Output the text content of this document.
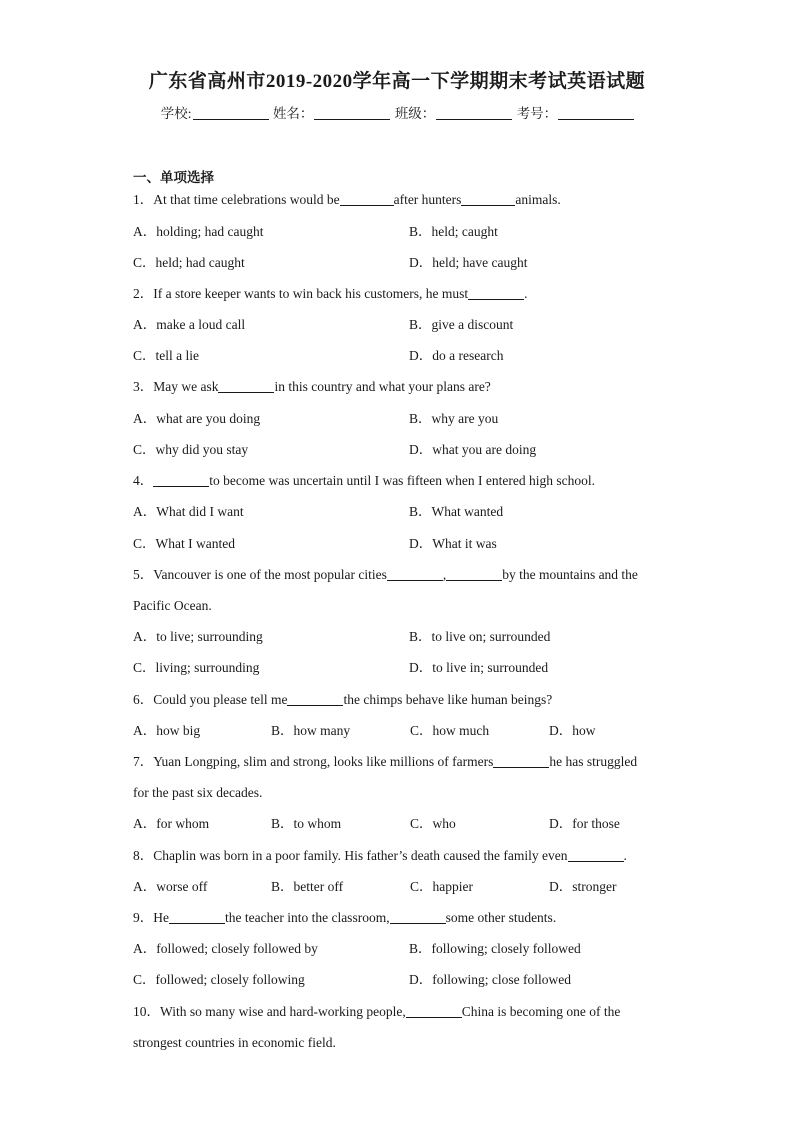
广东省高州市2019-2020学年高一下学期期末考试英语试题
学校:	姓名：	班级：	考号：
一、单项选择
1．At that time celebrations would be	after hunters	animals.
A．holding; had caught	B．held; caught
C．held; had caught	D．held; have caught
2．If a store keeper wants to win back his customers, he must	.
A．make a loud call	B．give a discount
C．tell a lie	D．do a research
3．May we ask	in this country and what your plans are?
A．what are you doing	B．why are you
C．why did you stay	D．what you are doing
4．	to become was uncertain until I was fifteen when I entered high school.
A．What did I want	B．What wanted
C．What I wanted	D．What it was
5．Vancouver is one of the most popular cities	,	by the mountains and the
Pacific Ocean.
A．to live; surrounding	B．to live on; surrounded
C．living; surrounding	D．to live in; surrounded
6．Could you please tell me	the chimps behave like human beings?
A．how big	B．how many	C．how much	D．how
7．Yuan Longping, slim and strong, looks like millions of farmers	he has struggled
for the past six decades.
A．for whom	B．to whom	C．who	D．for those
8．Chaplin was born in a poor family. His father’s death caused the family even	.
A．worse off	B．better off	C．happier	D．stronger
9．He	the teacher into the classroom,	some other students.
A．followed; closely followed by	B．following; closely followed
C．followed; closely following	D．following; close followed
10．With so many wise and hard-working people,	China is becoming one of the
strongest countries in economic field.
